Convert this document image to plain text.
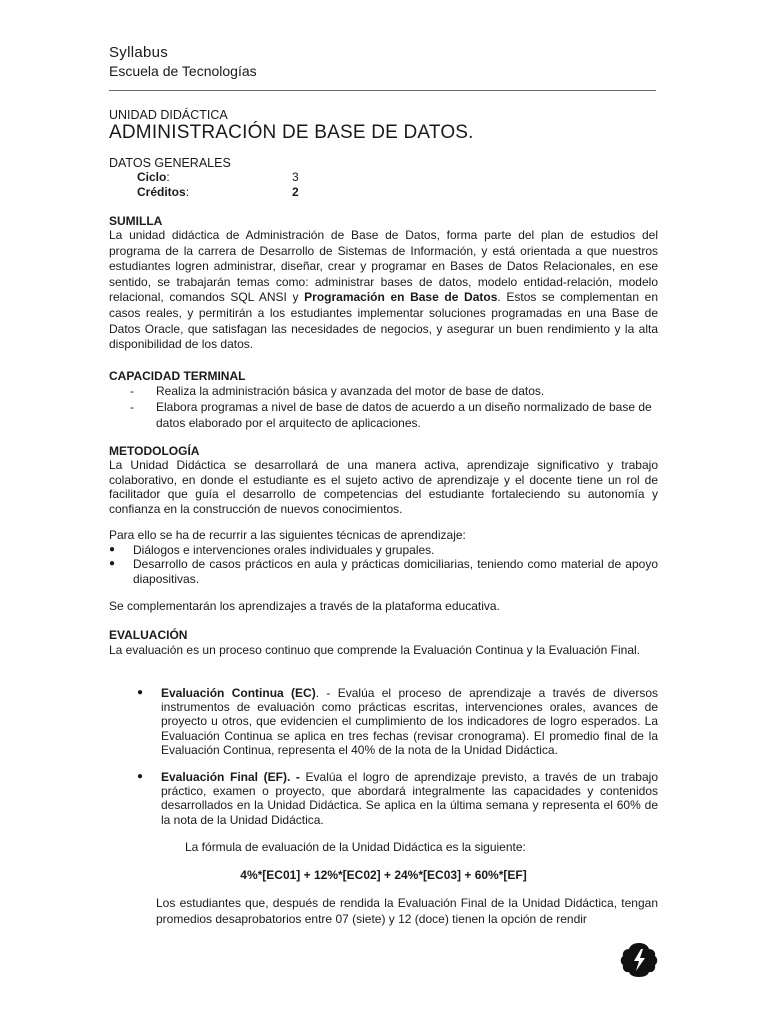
Syllabus
Escuela de Tecnologías
UNIDAD DIDÁCTICA
ADMINISTRACIÓN DE BASE DE DATOS.
DATOS GENERALES
Ciclo:	3
Créditos:	2
SUMILLA

La unidad didáctica de Administración de Base de Datos, forma parte del plan de estudios del programa de la carrera de Desarrollo de Sistemas de Información, y está orientada a que nuestros estudiantes logren administrar, diseñar, crear y programar en Bases de Datos Relacionales, en ese sentido, se trabajarán temas como: administrar bases de datos, modelo entidad-relación, modelo relacional, comandos SQL ANSI y Programación en Base de Datos. Estos se complementan en casos reales, y permitirán a los estudiantes implementar soluciones programadas en una Base de Datos Oracle, que satisfagan las necesidades de negocios, y asegurar un buen rendimiento y la alta disponibilidad de los datos.

CAPACIDAD TERMINAL
-	Realiza la administración básica y avanzada del motor de base de datos.
-	Elabora programas a nivel de base de datos de acuerdo a un diseño normalizado de base de datos elaborado por el arquitecto de aplicaciones.
METODOLOGÍA

La Unidad Didáctica se desarrollará de una manera activa, aprendizaje significativo y trabajo colaborativo, en donde el estudiante es el sujeto activo de aprendizaje y el docente tiene un rol de facilitador que guía el desarrollo de competencias del estudiante fortaleciendo su autonomía y confianza en la construcción de nuevos conocimientos.

Para ello se ha de recurrir a las siguientes técnicas de aprendizaje:
●	Diálogos e intervenciones orales individuales y grupales.
●	Desarrollo de casos prácticos en aula y prácticas domiciliarias, teniendo como material de apoyo diapositivas.
Se complementarán los aprendizajes a través de la plataforma educativa.
EVALUACIÓN

La evaluación es un proceso continuo que comprende la Evaluación Continua y la Evaluación Final.

●	Evaluación Continua (EC). - Evalúa el proceso de aprendizaje a través de diversos instrumentos de evaluación como prácticas escritas, intervenciones orales, avances de proyecto u otros, que evidencien el cumplimiento de los indicadores de logro esperados. La Evaluación Continua se aplica en tres fechas (revisar cronograma). El promedio final de la Evaluación Continua, representa el 40% de la nota de la Unidad Didáctica.
●	Evaluación Final (EF). - Evalúa el logro de aprendizaje previsto, a través de un trabajo práctico, examen o proyecto, que abordará integralmente las capacidades y contenidos desarrollados en la Unidad Didáctica. Se aplica en la última semana y representa el 60% de la nota de la Unidad Didáctica.
La fórmula de evaluación de la Unidad Didáctica es la siguiente:
4%*[EC01] + 12%*[EC02] + 24%*[EC03] + 60%*[EF]
Los estudiantes que, después de rendida la Evaluación Final de la Unidad Didáctica, tengan promedios desaprobatorios entre 07 (siete) y 12 (doce) tienen la opción de rendir
